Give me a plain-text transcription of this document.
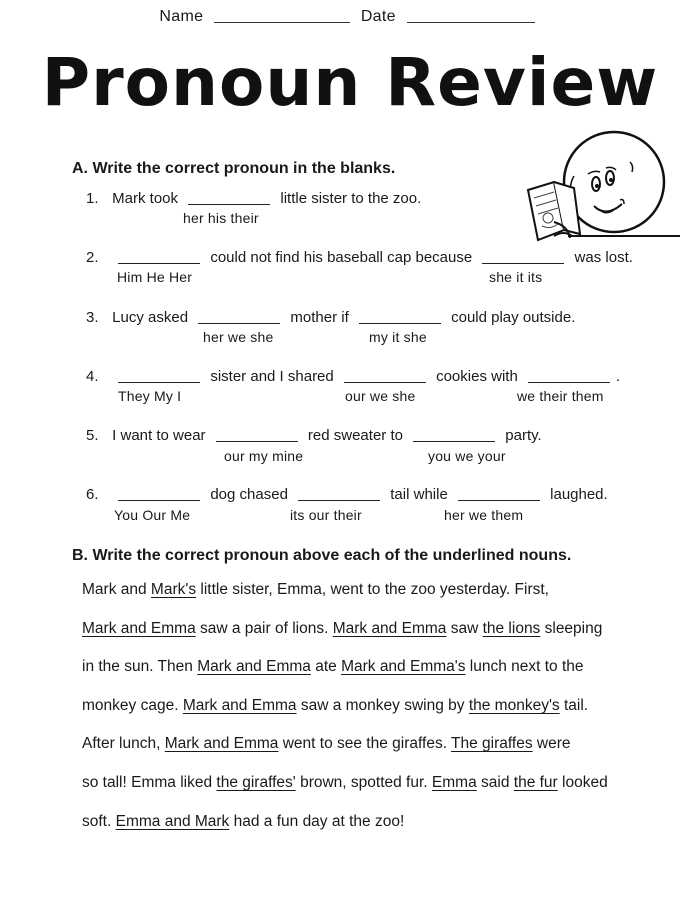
Name	Date
Pronoun Review
A. Write the correct pronoun in the blanks.
1. Mark took	little sister to the zoo.
her his their
2.	could not find his baseball cap because	was lost.
Him He Her	she it its
3. Lucy asked	mother if	could play outside.
her we she	my it she
4.	sister and I shared	cookies with	.
They My I	our we she	we their them
5. I want to wear	red sweater to	party.
our my mine	you we your
6.	dog chased	tail while	laughed.
You Our Me	its our their	her we them
B. Write the correct pronoun above each of the underlined nouns.
Mark and Mark's little sister, Emma, went to the zoo yesterday. First,
Mark and Emma saw a pair of lions. Mark and Emma saw the lions sleeping
in the sun. Then Mark and Emma ate Mark and Emma's lunch next to the
monkey cage. Mark and Emma saw a monkey swing by the monkey's tail.
After lunch, Mark and Emma went to see the giraffes. The giraffes were
so tall! Emma liked the giraffes' brown, spotted fur. Emma said the fur looked
soft. Emma and Mark had a fun day at the zoo!
